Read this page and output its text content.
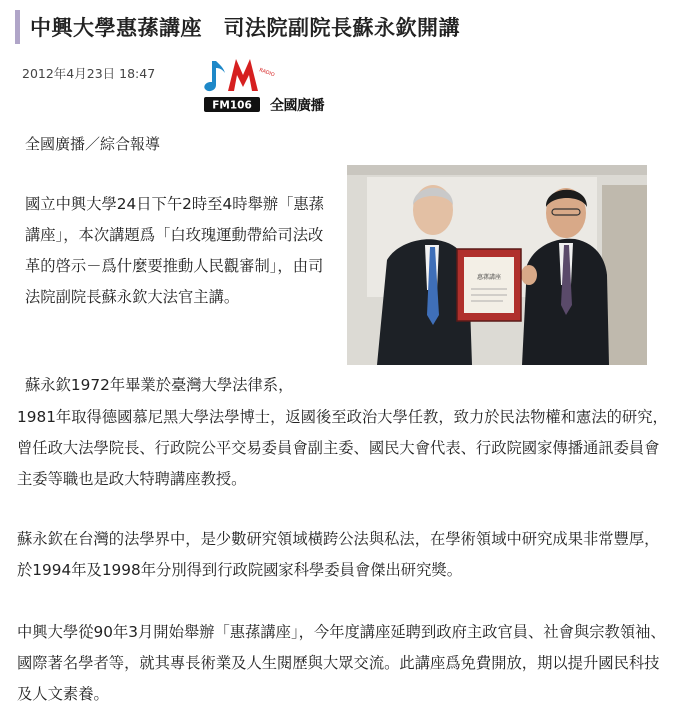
中興大學惠蓀講座　司法院副院長蘇永欽開講
2012年4月23日 18:47
FM106
RADIO
全國廣播
全國廣播／綜合報導

國立中興大學24日下午2時至4時舉辦「惠蓀講座」，本次講題爲「白玫瑰運動帶給司法改革的啓示－爲什麼要推動人民觀審制」，由司法院副院長蘇永欽大法官主講。

惠蓀講座

蘇永欽1972年畢業於臺灣大學法律系，

1981年取得德國慕尼黑大學法學博士，返國後至政治大學任教，致力於民法物權和憲法的研究，曾任政大法學院長、行政院公平交易委員會副主委、國民大會代表、行政院國家傳播通訊委員會主委等職也是政大特聘講座教授。

蘇永欽在台灣的法學界中，是少數研究領域橫跨公法與私法，在學術領域中研究成果非常豐厚，於1994年及1998年分別得到行政院國家科學委員會傑出研究獎。

中興大學從90年3月開始舉辦「惠蓀講座」，今年度講座延聘到政府主政官員、社會與宗教領袖、國際著名學者等，就其專長術業及人生閱歷與大眾交流。此講座爲免費開放，期以提升國民科技及人文素養。
